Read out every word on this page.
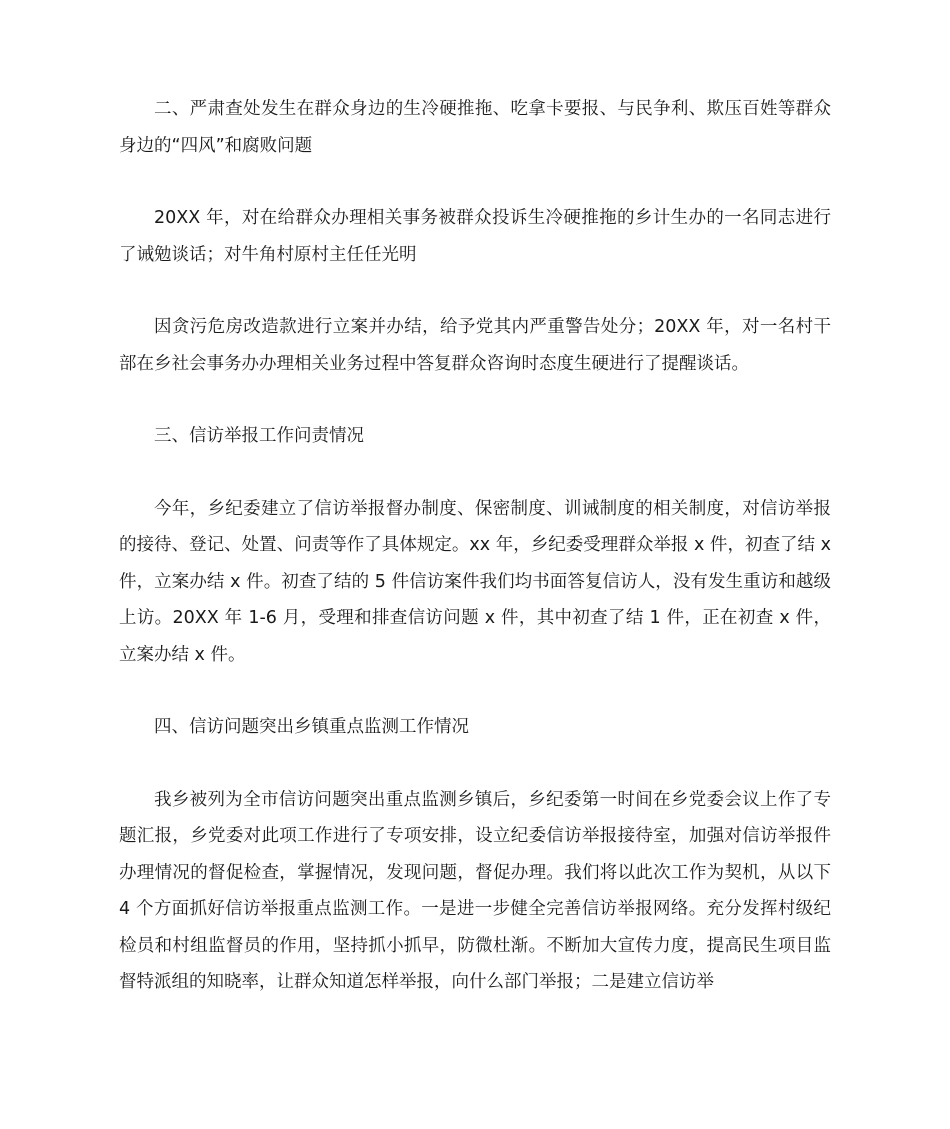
二、严肃查处发生在群众身边的生冷硬推拖、吃拿卡要报、与民争利、欺压百姓等群众身边的“四风”和腐败问题

20XX 年，对在给群众办理相关事务被群众投诉生冷硬推拖的乡计生办的一名同志进行了诫勉谈话；对牛角村原村主任任光明

因贪污危房改造款进行立案并办结，给予党其内严重警告处分；20XX 年，对一名村干部在乡社会事务办办理相关业务过程中答复群众咨询时态度生硬进行了提醒谈话。

三、信访举报工作问责情况

今年，乡纪委建立了信访举报督办制度、保密制度、训诫制度的相关制度，对信访举报的接待、登记、处置、问责等作了具体规定。xx 年，乡纪委受理群众举报 x 件，初查了结 x 件，立案办结 x 件。初查了结的 5 件信访案件我们均书面答复信访人，没有发生重访和越级上访。20XX 年 1-6 月，受理和排查信访问题 x 件，其中初查了结 1 件，正在初查 x 件，立案办结 x 件。

四、信访问题突出乡镇重点监测工作情况

我乡被列为全市信访问题突出重点监测乡镇后，乡纪委第一时间在乡党委会议上作了专题汇报，乡党委对此项工作进行了专项安排，设立纪委信访举报接待室，加强对信访举报件办理情况的督促检查，掌握情况，发现问题，督促办理。我们将以此次工作为契机，从以下 4 个方面抓好信访举报重点监测工作。一是进一步健全完善信访举报网络。充分发挥村级纪检员和村组监督员的作用，坚持抓小抓早，防微杜渐。不断加大宣传力度，提高民生项目监督特派组的知晓率，让群众知道怎样举报，向什么部门举报；二是建立信访举
